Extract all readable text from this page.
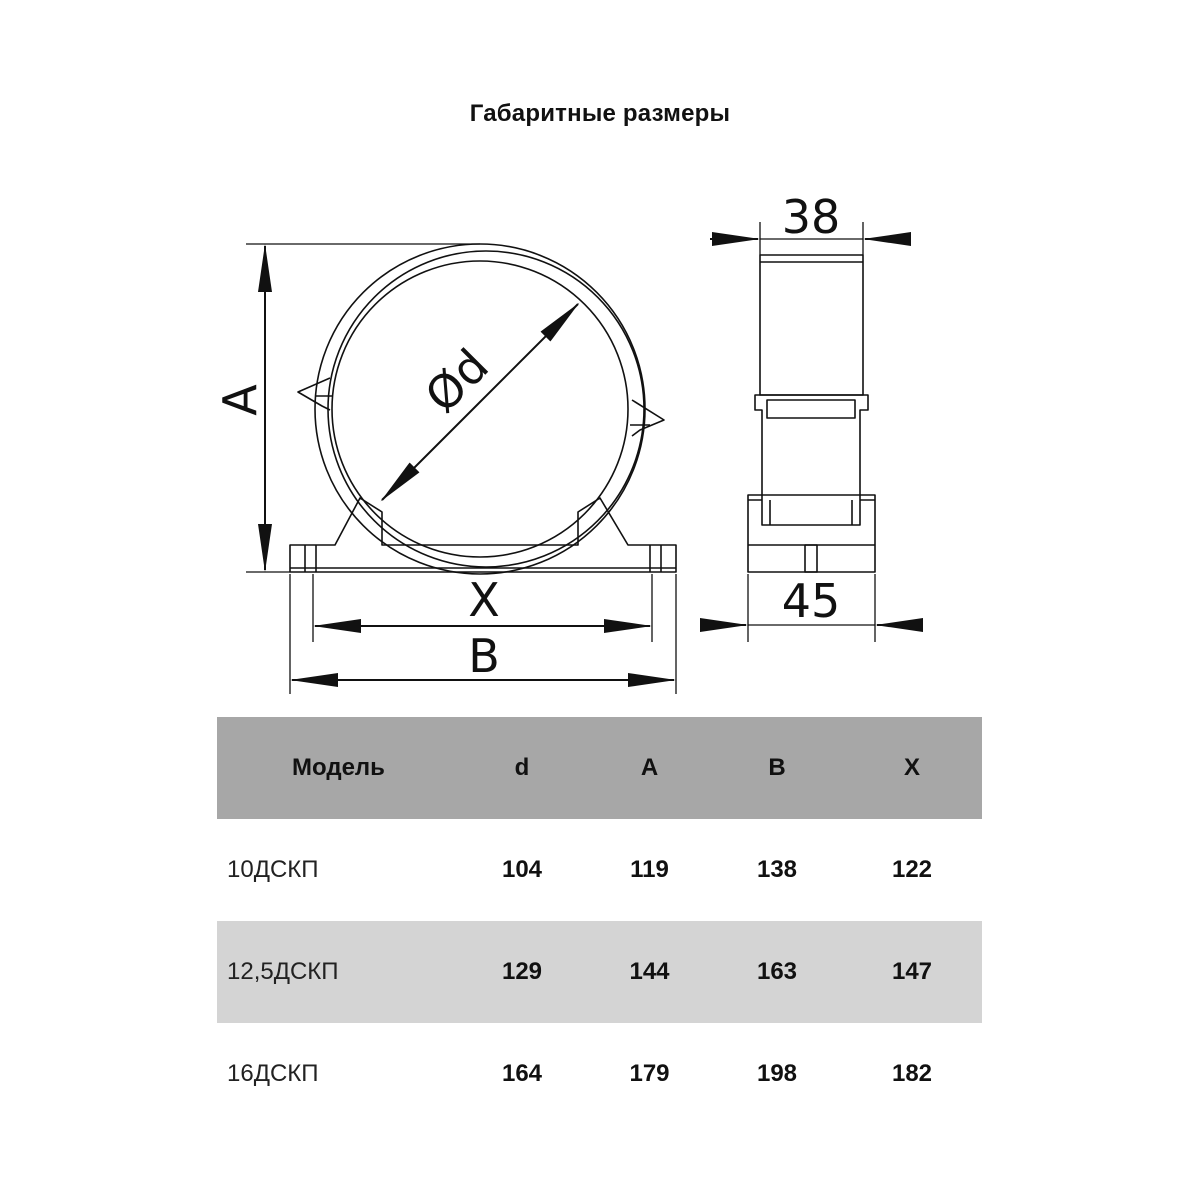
Габаритные размеры
Ød
A
X
B
38
45
Модель	d	A	B	X
10ДСКП	104	119	138	122
12,5ДСКП	129	144	163	147
16ДСКП	164	179	198	182
